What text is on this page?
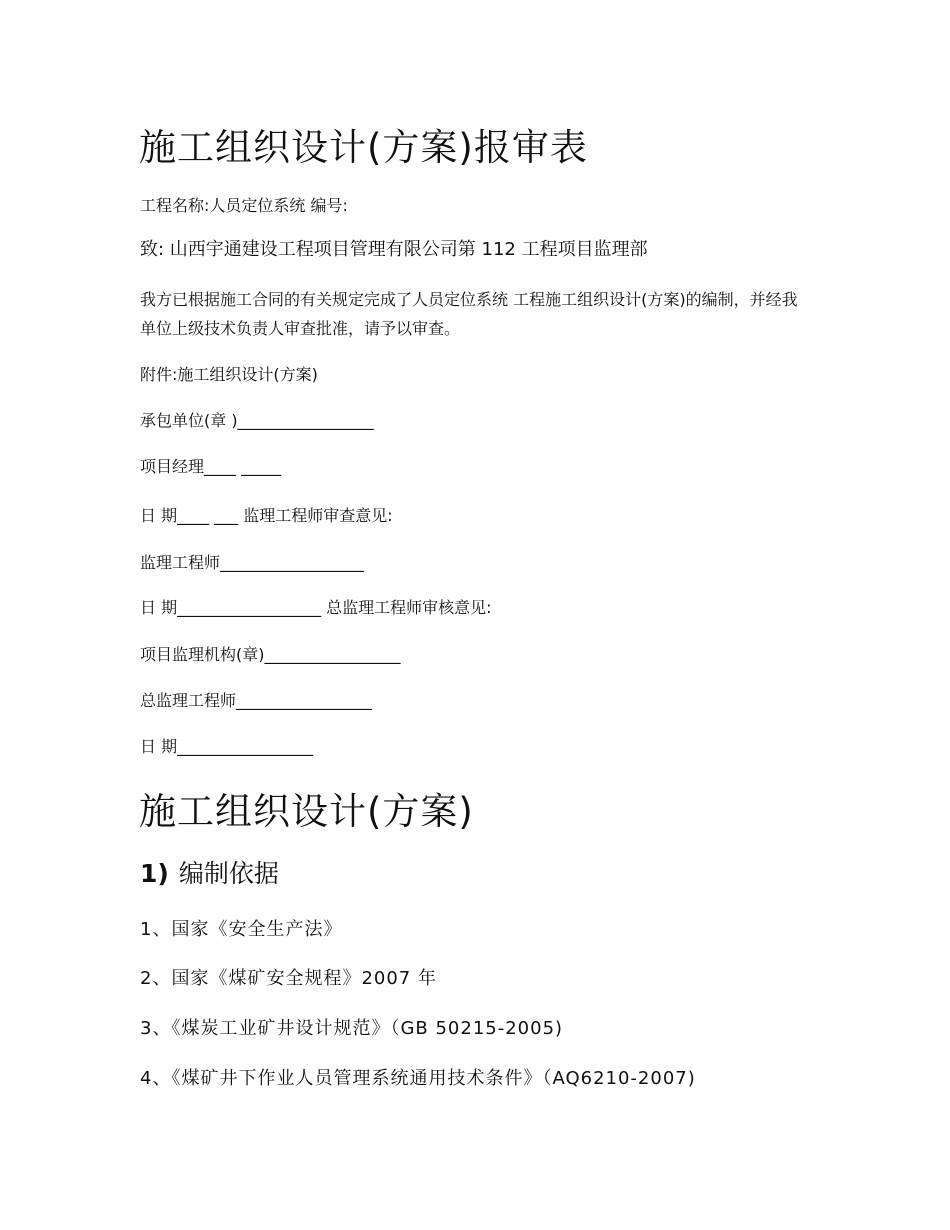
施工组织设计(方案)报审表
工程名称:人员定位系统 编号:
致: 山西宇通建设工程项目管理有限公司第 112 工程项目监理部
我方已根据施工合同的有关规定完成了人员定位系统 工程施工组织设计(方案)的编制，并经我单位上级技术负责人审查批准，请予以审查。
附件:施工组织设计(方案)
承包单位(章 )_________________
项目经理____ _____
日 期____ ___ 监理工程师审查意见:
监理工程师__________________
日 期__________________ 总监理工程师审核意见:
项目监理机构(章)_________________
总监理工程师_________________
日 期_________________
施工组织设计(方案)
1) 编制依据
1、国家《安全生产法》
2、国家《煤矿安全规程》2007 年
3、《煤炭工业矿井设计规范》（GB 50215-2005)
4、《煤矿井下作业人员管理系统通用技术条件》（AQ6210-2007)
